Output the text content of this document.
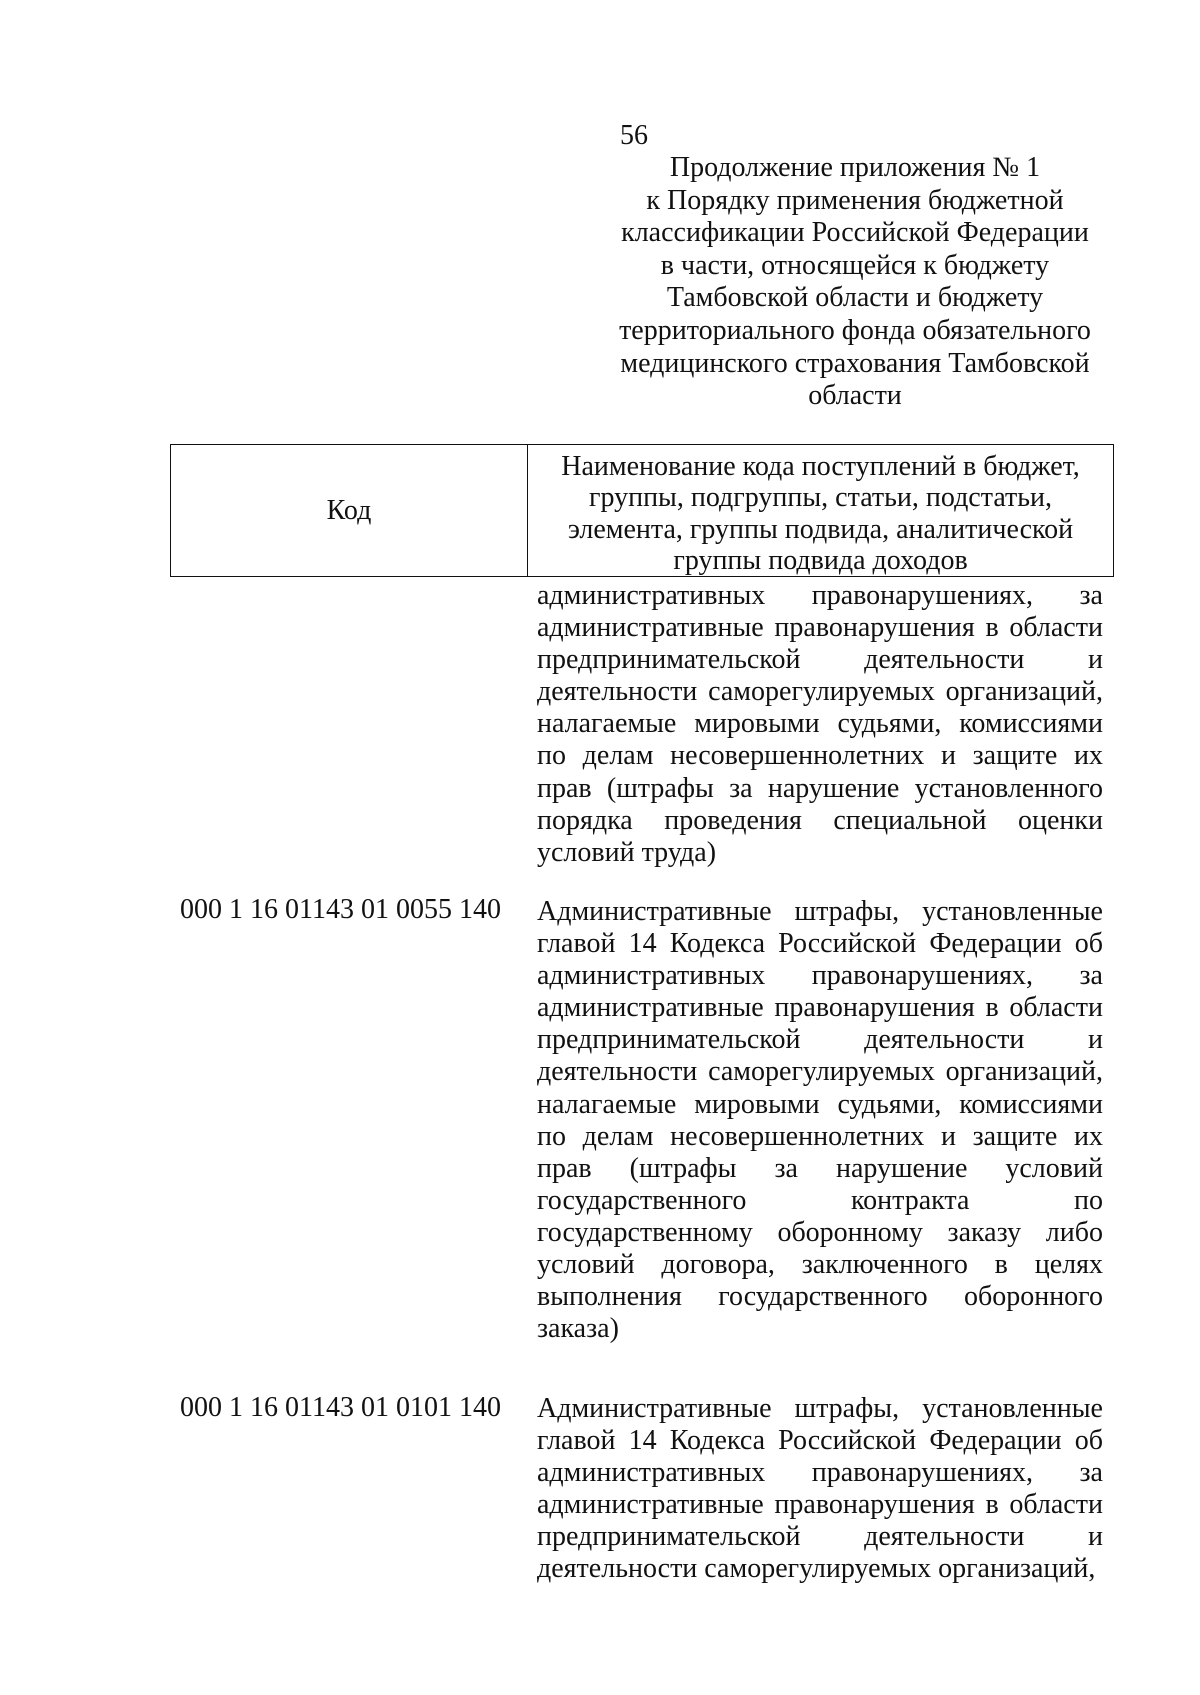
56
Продолжение приложения № 1
к Порядку применения бюджетной
классификации Российской Федерации
в части, относящейся к бюджету
Тамбовской области и бюджету
территориального фонда обязательного
медицинского страхования Тамбовской
области
Код
Наименование кода поступлений в бюджет,
группы, подгруппы, статьи, подстатьи,
элемента, группы подвида, аналитической
группы подвида доходов
административных правонарушениях, за
административные правонарушения в области
предпринимательской деятельности и
деятельности саморегулируемых организаций,
налагаемые мировыми судьями, комиссиями
по делам несовершеннолетних и защите их
прав (штрафы за нарушение установленного
порядка проведения специальной оценки
условий труда)
000 1 16 01143 01 0055 140 Административные штрафы, установленные
главой 14 Кодекса Российской Федерации об
административных правонарушениях, за
административные правонарушения в области
предпринимательской деятельности и
деятельности саморегулируемых организаций,
налагаемые мировыми судьями, комиссиями
по делам несовершеннолетних и защите их
прав (штрафы за нарушение условий
государственного	контракта	по
государственному оборонному заказу либо
условий договора, заключенного в целях
выполнения государственного оборонного
заказа)
000 1 16 01143 01 0101 140 Административные штрафы, установленные
главой 14 Кодекса Российской Федерации об
административных правонарушениях, за
административные правонарушения в области
предпринимательской деятельности и
деятельности саморегулируемых организаций,
